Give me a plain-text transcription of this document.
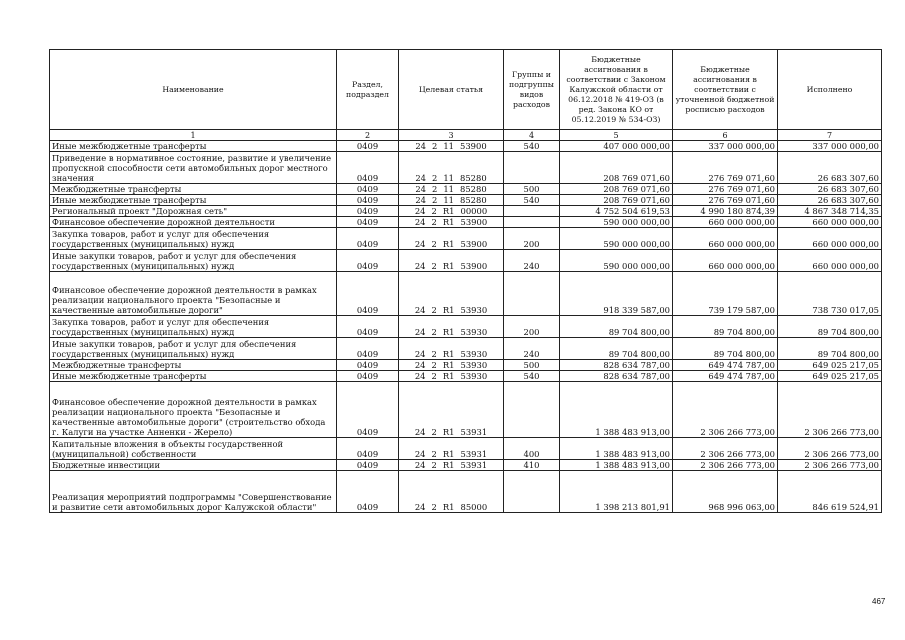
Наименование	Раздел, подраздел	Целевая статья	Группы и подгруппы видов расходов	Бюджетные ассигнования в соответствии с Законом Калужской области от 06.12.2018 № 419-ОЗ (в ред. Закона КО от 05.12.2019 № 534-ОЗ)	Бюджетные ассигнования в соответствии с уточненной бюджетной росписью расходов	Исполнено
1	2	3	4	5	6	7
Иные межбюджетные трансферты	0409	24 2 11 53900	540	407 000 000,00	337 000 000,00	337 000 000,00
Приведение в нормативное состояние, развитие и увеличение пропускной способности сети автомобильных дорог местного значения	0409	24 2 11 85280		208 769 071,60	276 769 071,60	26 683 307,60
Межбюджетные трансферты	0409	24 2 11 85280	500	208 769 071,60	276 769 071,60	26 683 307,60
Иные межбюджетные трансферты	0409	24 2 11 85280	540	208 769 071,60	276 769 071,60	26 683 307,60
Региональный проект "Дорожная сеть"	0409	24 2 R1 00000		4 752 504 619,53	4 990 180 874,39	4 867 348 714,35
Финансовое обеспечение дорожной деятельности	0409	24 2 R1 53900		590 000 000,00	660 000 000,00	660 000 000,00
Закупка товаров, работ и услуг для обеспечения государственных (муниципальных) нужд	0409	24 2 R1 53900	200	590 000 000,00	660 000 000,00	660 000 000,00
Иные закупки товаров, работ и услуг для обеспечения государственных (муниципальных) нужд	0409	24 2 R1 53900	240	590 000 000,00	660 000 000,00	660 000 000,00
Финансовое обеспечение дорожной деятельности в рамках реализации национального проекта "Безопасные и качественные автомобильные дороги"	0409	24 2 R1 53930		918 339 587,00	739 179 587,00	738 730 017,05
Закупка товаров, работ и услуг для обеспечения государственных (муниципальных) нужд	0409	24 2 R1 53930	200	89 704 800,00	89 704 800,00	89 704 800,00
Иные закупки товаров, работ и услуг для обеспечения государственных (муниципальных) нужд	0409	24 2 R1 53930	240	89 704 800,00	89 704 800,00	89 704 800,00
Межбюджетные трансферты	0409	24 2 R1 53930	500	828 634 787,00	649 474 787,00	649 025 217,05
Иные межбюджетные трансферты	0409	24 2 R1 53930	540	828 634 787,00	649 474 787,00	649 025 217,05
Финансовое обеспечение дорожной деятельности в рамках реализации национального проекта "Безопасные и качественные автомобильные дороги" (строительство обхода г. Калуги на участке Анненки - Жерело)	0409	24 2 R1 53931		1 388 483 913,00	2 306 266 773,00	2 306 266 773,00
Капитальные вложения в объекты государственной (муниципальной) собственности	0409	24 2 R1 53931	400	1 388 483 913,00	2 306 266 773,00	2 306 266 773,00
Бюджетные инвестиции	0409	24 2 R1 53931	410	1 388 483 913,00	2 306 266 773,00	2 306 266 773,00
Реализация мероприятий подпрограммы "Совершенствование и развитие сети автомобильных дорог Калужской области"	0409	24 2 R1 85000		1 398 213 801,91	968 996 063,00	846 619 524,91
467
